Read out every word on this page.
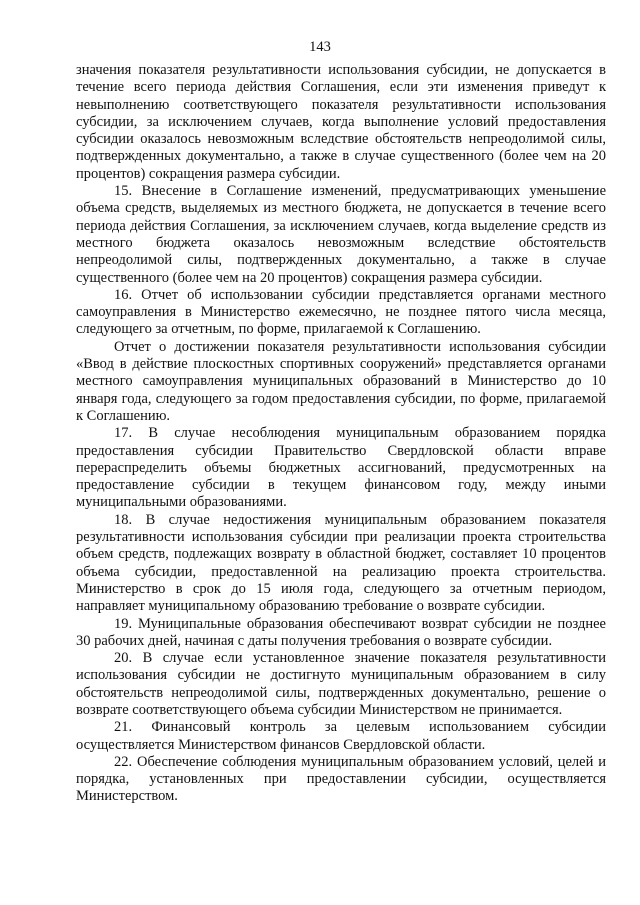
143

значения показателя результативности использования субсидии, не допускается в течение всего периода действия Соглашения, если эти изменения приведут к невыполнению соответствующего показателя результативности использования субсидии, за исключением случаев, когда выполнение условий предоставления субсидии оказалось невозможным вследствие обстоятельств непреодолимой силы, подтвержденных документально, а также в случае существенного (более чем на 20 процентов) сокращения размера субсидии.

15. Внесение в Соглашение изменений, предусматривающих уменьшение объема средств, выделяемых из местного бюджета, не допускается в течение всего периода действия Соглашения, за исключением случаев, когда выделение средств из местного бюджета оказалось невозможным вследствие обстоятельств непреодолимой силы, подтвержденных документально, а также в случае существенного (более чем на 20 процентов) сокращения размера субсидии.

16. Отчет об использовании субсидии представляется органами местного самоуправления в Министерство ежемесячно, не позднее пятого числа месяца, следующего за отчетным, по форме, прилагаемой к Соглашению.

Отчет о достижении показателя результативности использования субсидии «Ввод в действие плоскостных спортивных сооружений» представляется органами местного самоуправления муниципальных образований в Министерство до 10 января года, следующего за годом предоставления субсидии, по форме, прилагаемой к Соглашению.

17. В случае несоблюдения муниципальным образованием порядка предоставления субсидии Правительство Свердловской области вправе перераспределить объемы бюджетных ассигнований, предусмотренных на предоставление субсидии в текущем финансовом году, между иными муниципальными образованиями.

18. В случае недостижения муниципальным образованием показателя результативности использования субсидии при реализации проекта строительства объем средств, подлежащих возврату в областной бюджет, составляет 10 процентов объема субсидии, предоставленной на реализацию проекта строительства. Министерство в срок до 15 июля года, следующего за отчетным периодом, направляет муниципальному образованию требование о возврате субсидии.

19. Муниципальные образования обеспечивают возврат субсидии не позднее 30 рабочих дней, начиная с даты получения требования о возврате субсидии.

20. В случае если установленное значение показателя результативности использования субсидии не достигнуто муниципальным образованием в силу обстоятельств непреодолимой силы, подтвержденных документально, решение о возврате соответствующего объема субсидии Министерством не принимается.

21. Финансовый контроль за целевым использованием субсидии осуществляется Министерством финансов Свердловской области.

22. Обеспечение соблюдения муниципальным образованием условий, целей и порядка, установленных при предоставлении субсидии, осуществляется Министерством.
